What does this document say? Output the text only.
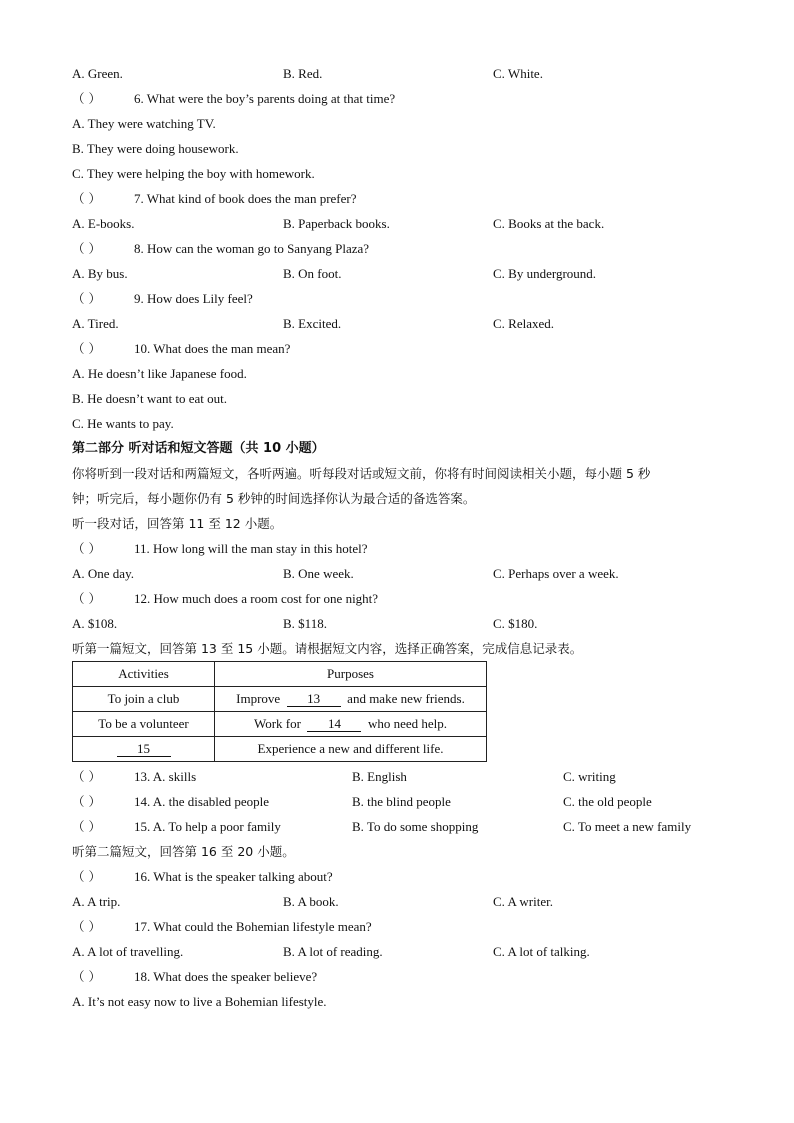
A. Green.	B. Red.	C. White.
（ ）	6. What were the boy’s parents doing at that time?
A. They were watching TV.
B. They were doing housework.
C. They were helping the boy with homework.
（ ）	7. What kind of book does the man prefer?
A. E-books.	B. Paperback books.	C. Books at the back.
（ ）	8. How can the woman go to Sanyang Plaza?
A. By bus.	B. On foot.	C. By underground.
（ ）	9. How does Lily feel?
A. Tired.	B. Excited.	C. Relaxed.
（ ）	10. What does the man mean?
A. He doesn’t like Japanese food.
B. He doesn’t want to eat out.
C. He wants to pay.
第二部分 听对话和短文答题（共 10 小题）
你将听到一段对话和两篇短文，各听两遍。听每段对话或短文前，你将有时间阅读相关小题，每小题 5 秒
钟；听完后，每小题你仍有 5 秒钟的时间选择你认为最合适的备选答案。
听一段对话，回答第 11 至 12 小题。
（ ）	11. How long will the man stay in this hotel?
A. One day.	B. One week.	C. Perhaps over a week.
（ ）	12. How much does a room cost for one night?
A. $108.	B. $118.	C. $180.
听第一篇短文，回答第 13 至 15 小题。请根据短文内容，选择正确答案，完成信息记录表。
Activities	Purposes
To join a club	Improve 13 and make new friends.
To be a volunteer	Work for 14 who need help.
15	Experience a new and different life.
（ ）	13. A. skills	B. English	C. writing
（ ）	14. A. the disabled people	B. the blind people	C. the old people
（ ）	15. A. To help a poor family	B. To do some shopping	C. To meet a new family
听第二篇短文，回答第 16 至 20 小题。
（ ）	16. What is the speaker talking about?
A. A trip.	B. A book.	C. A writer.
（ ）	17. What could the Bohemian lifestyle mean?
A. A lot of travelling.	B. A lot of reading.	C. A lot of talking.
（ ）	18. What does the speaker believe?
A. It’s not easy now to live a Bohemian lifestyle.
